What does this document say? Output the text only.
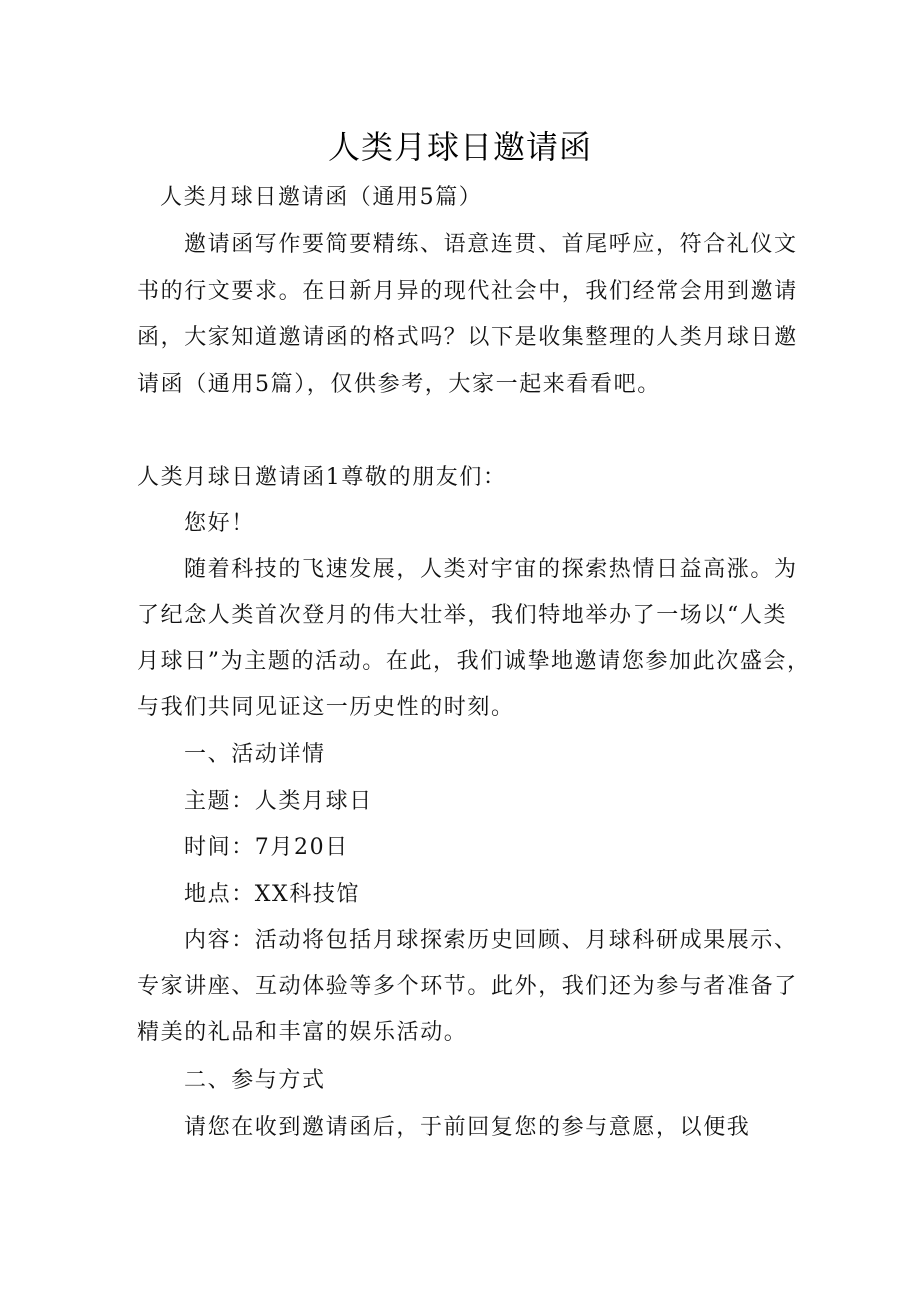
人类月球日邀请函
人类月球日邀请函（通用5篇）
邀请函写作要简要精练、语意连贯、首尾呼应，符合礼仪文
书的行文要求。在日新月异的现代社会中，我们经常会用到邀请
函，大家知道邀请函的格式吗？以下是收集整理的人类月球日邀
请函（通用5篇），仅供参考，大家一起来看看吧。
人类月球日邀请函1尊敬的朋友们：
您好！
随着科技的飞速发展，人类对宇宙的探索热情日益高涨。为
了纪念人类首次登月的伟大壮举，我们特地举办了一场以“人类
月球日”为主题的活动。在此，我们诚挚地邀请您参加此次盛会，
与我们共同见证这一历史性的时刻。
一、活动详情
主题：人类月球日
时间：7月20日
地点：XX科技馆
内容：活动将包括月球探索历史回顾、月球科研成果展示、
专家讲座、互动体验等多个环节。此外，我们还为参与者准备了
精美的礼品和丰富的娱乐活动。
二、参与方式
请您在收到邀请函后，于前回复您的参与意愿，以便我
